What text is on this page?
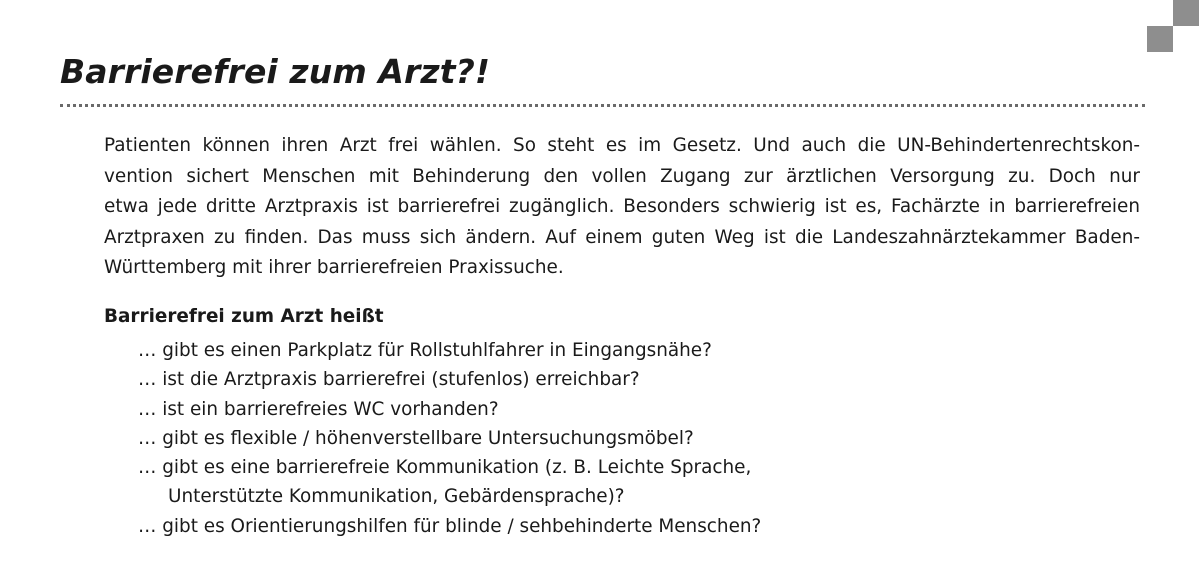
Barrierefrei zum Arzt?!

Patienten können ihren Arzt frei wählen. So steht es im Gesetz. Und auch die UN-Behindertenrechtskon-
vention sichert Menschen mit Behinderung den vollen Zugang zur ärztlichen Versorgung zu. Doch nur
etwa jede dritte Arztpraxis ist barrierefrei zugänglich. Besonders schwierig ist es, Fachärzte in barrierefreien
Arztpraxen zu finden. Das muss sich ändern. Auf einem guten Weg ist die Landeszahnärztekammer Baden-
Württemberg mit ihrer barrierefreien Praxissuche.

Barrierefrei zum Arzt heißt
… gibt es einen Parkplatz für Rollstuhlfahrer in Eingangsnähe?
… ist die Arztpraxis barrierefrei (stufenlos) erreichbar?
… ist ein barrierefreies WC vorhanden?
… gibt es flexible / höhenverstellbare Untersuchungsmöbel?
… gibt es eine barrierefreie Kommunikation (z. B. Leichte Sprache,
Unterstützte Kommunikation, Gebärdensprache)?
… gibt es Orientierungshilfen für blinde / sehbehinderte Menschen?
